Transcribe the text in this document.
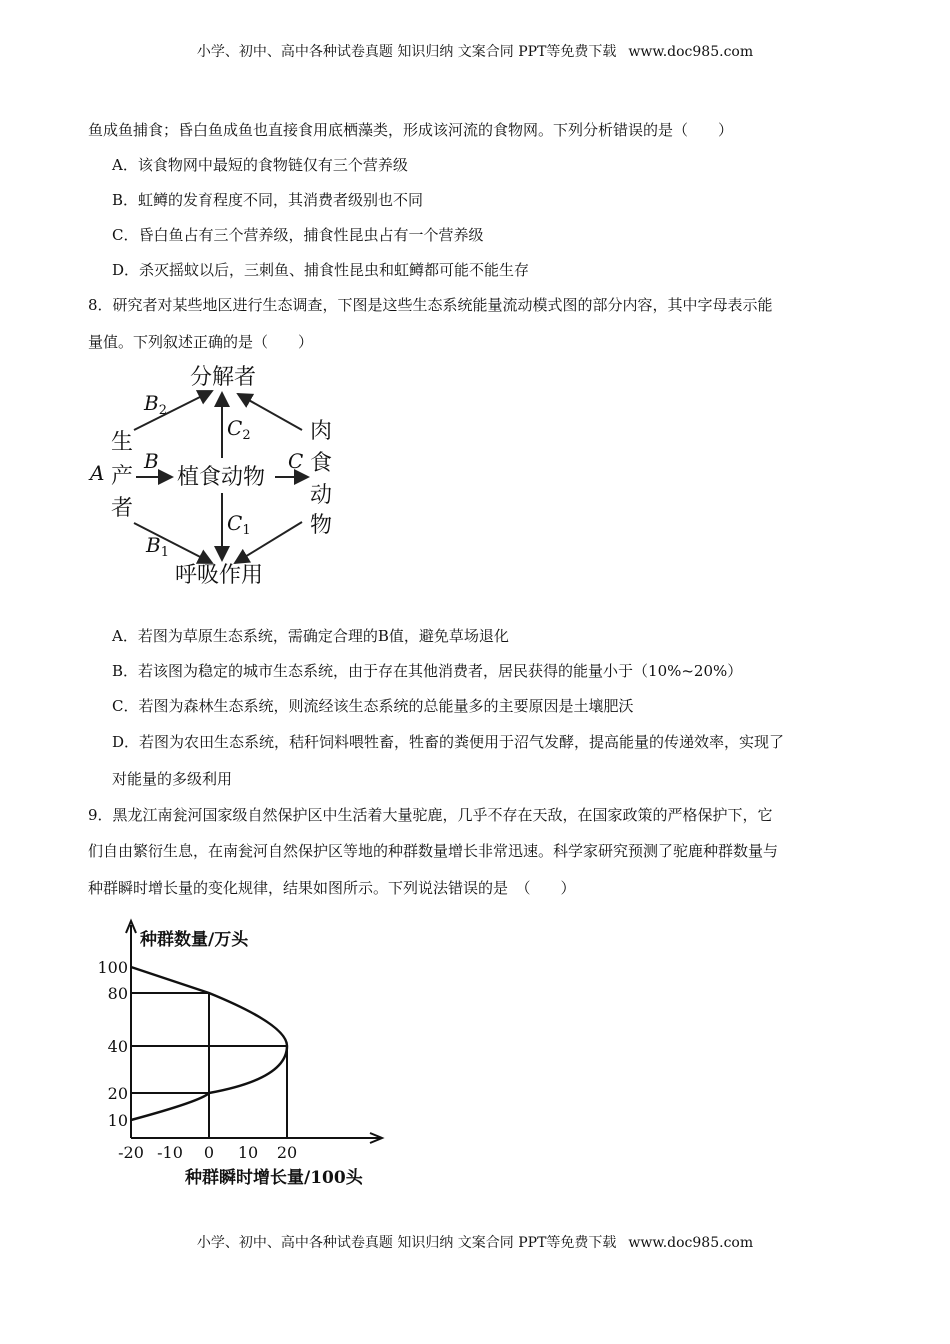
小学、初中、高中各种试卷真题 知识归纳 文案合同 PPT等免费下载 www.doc985.com
鱼成鱼捕食；昏白鱼成鱼也直接食用底栖藻类，形成该河流的食物网。下列分析错误的是（　　）
A．该食物网中最短的食物链仅有三个营养级
B．虹鳟的发育程度不同，其消费者级别也不同
C．昏白鱼占有三个营养级，捕食性昆虫占有一个营养级
D．杀灭摇蚊以后，三刺鱼、捕食性昆虫和虹鳟都可能不能生存
8．研究者对某些地区进行生态调查，下图是这些生态系统能量流动模式图的部分内容，其中字母表示能
量值。下列叙述正确的是（　　）
分解者
植食动物
呼吸作用
生
产
者
肉
食
动
物
A B	C
$B_2$
$B_1$
$C_2$
$C_1$
A．若图为草原生态系统，需确定合理的B值，避免草场退化
B．若该图为稳定的城市生态系统，由于存在其他消费者，居民获得的能量小于（10%~20%）
C．若图为森林生态系统，则流经该生态系统的总能量多的主要原因是土壤肥沃
D．若图为农田生态系统，秸秆饲料喂牲畜，牲畜的粪便用于沼气发酵，提高能量的传递效率，实现了
对能量的多级利用
9．黑龙江南瓮河国家级自然保护区中生活着大量驼鹿，几乎不存在天敌，在国家政策的严格保护下，它
们自由繁衍生息，在南瓮河自然保护区等地的种群数量增长非常迅速。科学家研究预测了驼鹿种群数量与
种群瞬时增长量的变化规律，结果如图所示。下列说法错误的是　（　　）
种群数量/万头
种群瞬时增长量/100头
-20 -10 0 10 20
100
80
40
20
10
小学、初中、高中各种试卷真题 知识归纳 文案合同 PPT等免费下载 www.doc985.com
